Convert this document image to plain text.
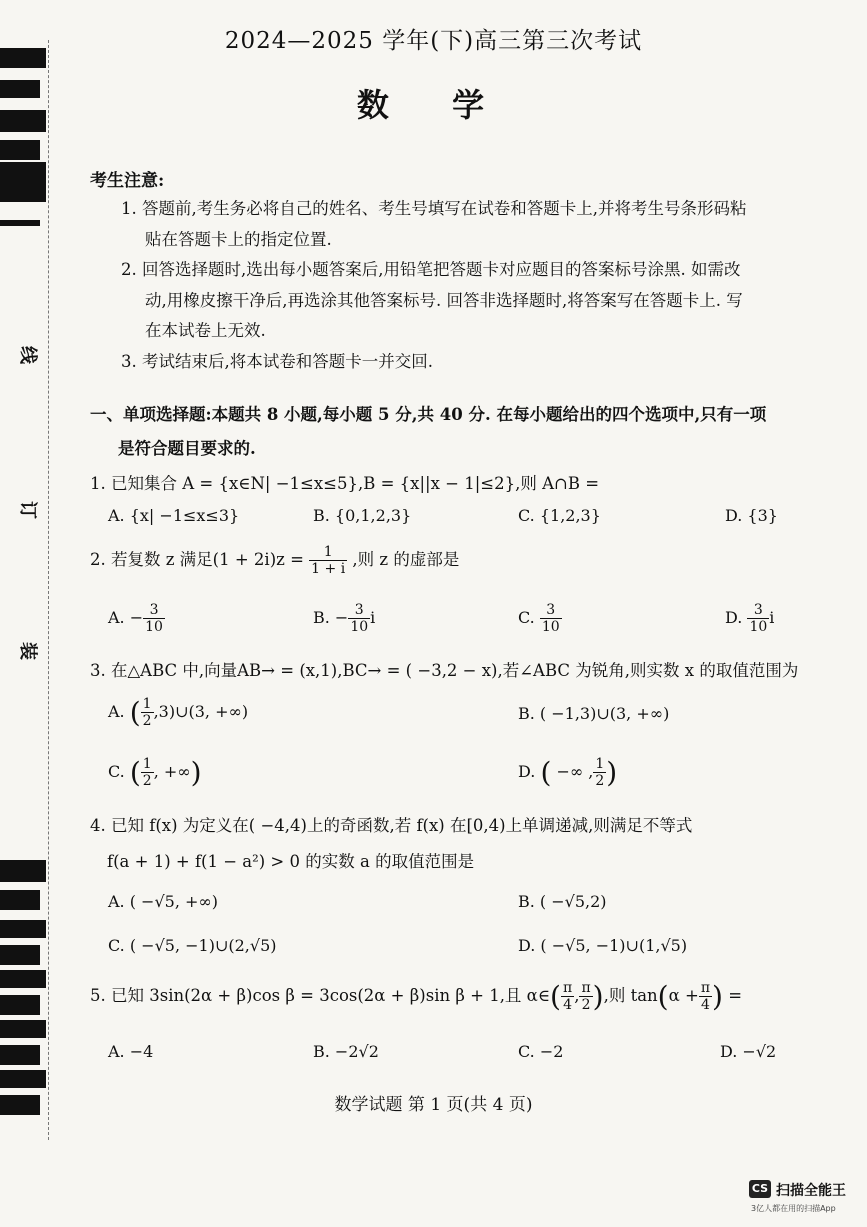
线
订
装
2024—2025 学年(下)高三第三次考试
数 学
考生注意:
1. 答题前,考生务必将自己的姓名、考生号填写在试卷和答题卡上,并将考生号条形码粘
贴在答题卡上的指定位置.
2. 回答选择题时,选出每小题答案后,用铅笔把答题卡对应题目的答案标号涂黑. 如需改
动,用橡皮擦干净后,再选涂其他答案标号. 回答非选择题时,将答案写在答题卡上. 写
在本试卷上无效.
3. 考试结束后,将本试卷和答题卡一并交回.
一、单项选择题:本题共 8 小题,每小题 5 分,共 40 分. 在每小题给出的四个选项中,只有一项
是符合题目要求的.
1. 已知集合 A = {x∈N| −1≤x≤5},B = {x||x − 1|≤2},则 A∩B =
A. {x| −1≤x≤3}	B. {0,1,2,3}	C. {1,2,3}	D. {3}
2. 若复数 z 满足$(1 + 2i)z = \frac{1}{1 + i}$ ,则 z 的虚部是
A. − $\frac{3}{10}$	B. − $\frac{3}{10}$ i	C. $\frac{3}{10}$	D. $\frac{3}{10}$ i
3. 在△ABC 中,向量AB→ = (x,1),BC→ = ( −3,2 − x),若∠ABC 为锐角,则实数 x 的取值范围为
A. ( $\frac{1}{2}$ ,3)∪(3, +∞)	B. ( −1,3)∪(3, +∞)
C. ( $\frac{1}{2}$ , +∞)	D. ( −∞ , $\frac{1}{2}$ )
4. 已知 f(x) 为定义在( −4,4)上的奇函数,若 f(x) 在[0,4)上单调递减,则满足不等式
f(a + 1) + f(1 − a²) > 0 的实数 a 的取值范围是
A. ( −√5, +∞)	B. ( −√5,2)
C. ( −√5, −1)∪(2,√5)	D. ( −√5, −1)∪(1,√5)
5. 已知 3sin(2α + β)cos β = 3cos(2α + β)sin β + 1,且 α∈( $\frac{\pi}{4}$ , $\frac{\pi}{2}$ ),则 $\tan(\alpha + \frac{\pi}{4}$ ) =
A. −4	B. −2√2	C. −2	D. −√2
数学试题 第 1 页(共 4 页)
CS 扫描全能王
3亿人都在用的扫描App
